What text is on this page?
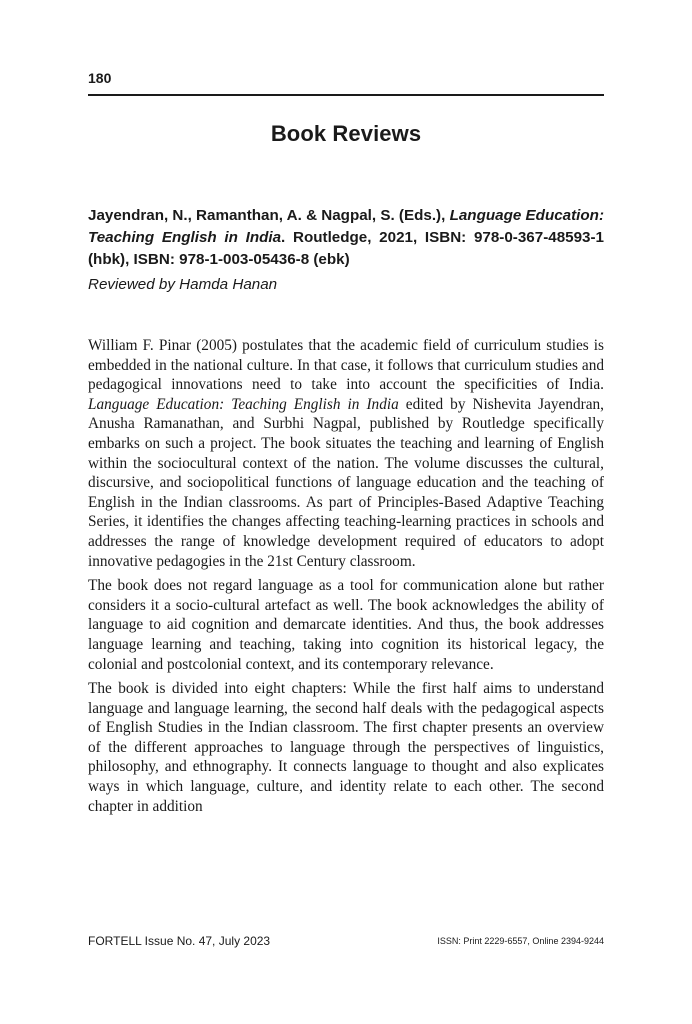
180
Book Reviews
Jayendran, N., Ramanthan, A. & Nagpal, S. (Eds.), Language Education: Teaching English in India. Routledge, 2021, ISBN: 978-0-367-48593-1 (hbk), ISBN: 978-1-003-05436-8 (ebk)
Reviewed by Hamda Hanan

William F. Pinar (2005) postulates that the academic field of curriculum studies is embedded in the national culture. In that case, it follows that curriculum studies and pedagogical innovations need to take into account the specificities of India. Language Education: Teaching English in India edited by Nishevita Jayendran, Anusha Ramanathan, and Surbhi Nagpal, published by Routledge specifically embarks on such a project. The book situates the teaching and learning of English within the sociocultural context of the nation. The volume discusses the cultural, discursive, and sociopolitical functions of language education and the teaching of English in the Indian classrooms. As part of Principles-Based Adaptive Teaching Series, it identifies the changes affecting teaching-learning practices in schools and addresses the range of knowledge development required of educators to adopt innovative pedagogies in the 21st Century classroom.

The book does not regard language as a tool for communication alone but rather considers it a socio-cultural artefact as well. The book acknowledges the ability of language to aid cognition and demarcate identities. And thus, the book addresses language learning and teaching, taking into cognition its historical legacy, the colonial and postcolonial context, and its contemporary relevance.

The book is divided into eight chapters: While the first half aims to understand language and language learning, the second half deals with the pedagogical aspects of English Studies in the Indian classroom. The first chapter presents an overview of the different approaches to language through the perspectives of linguistics, philosophy, and ethnography. It connects language to thought and also explicates ways in which language, culture, and identity relate to each other. The second chapter in addition

FORTELL Issue No. 47, July 2023	ISSN: Print 2229-6557, Online 2394-9244
